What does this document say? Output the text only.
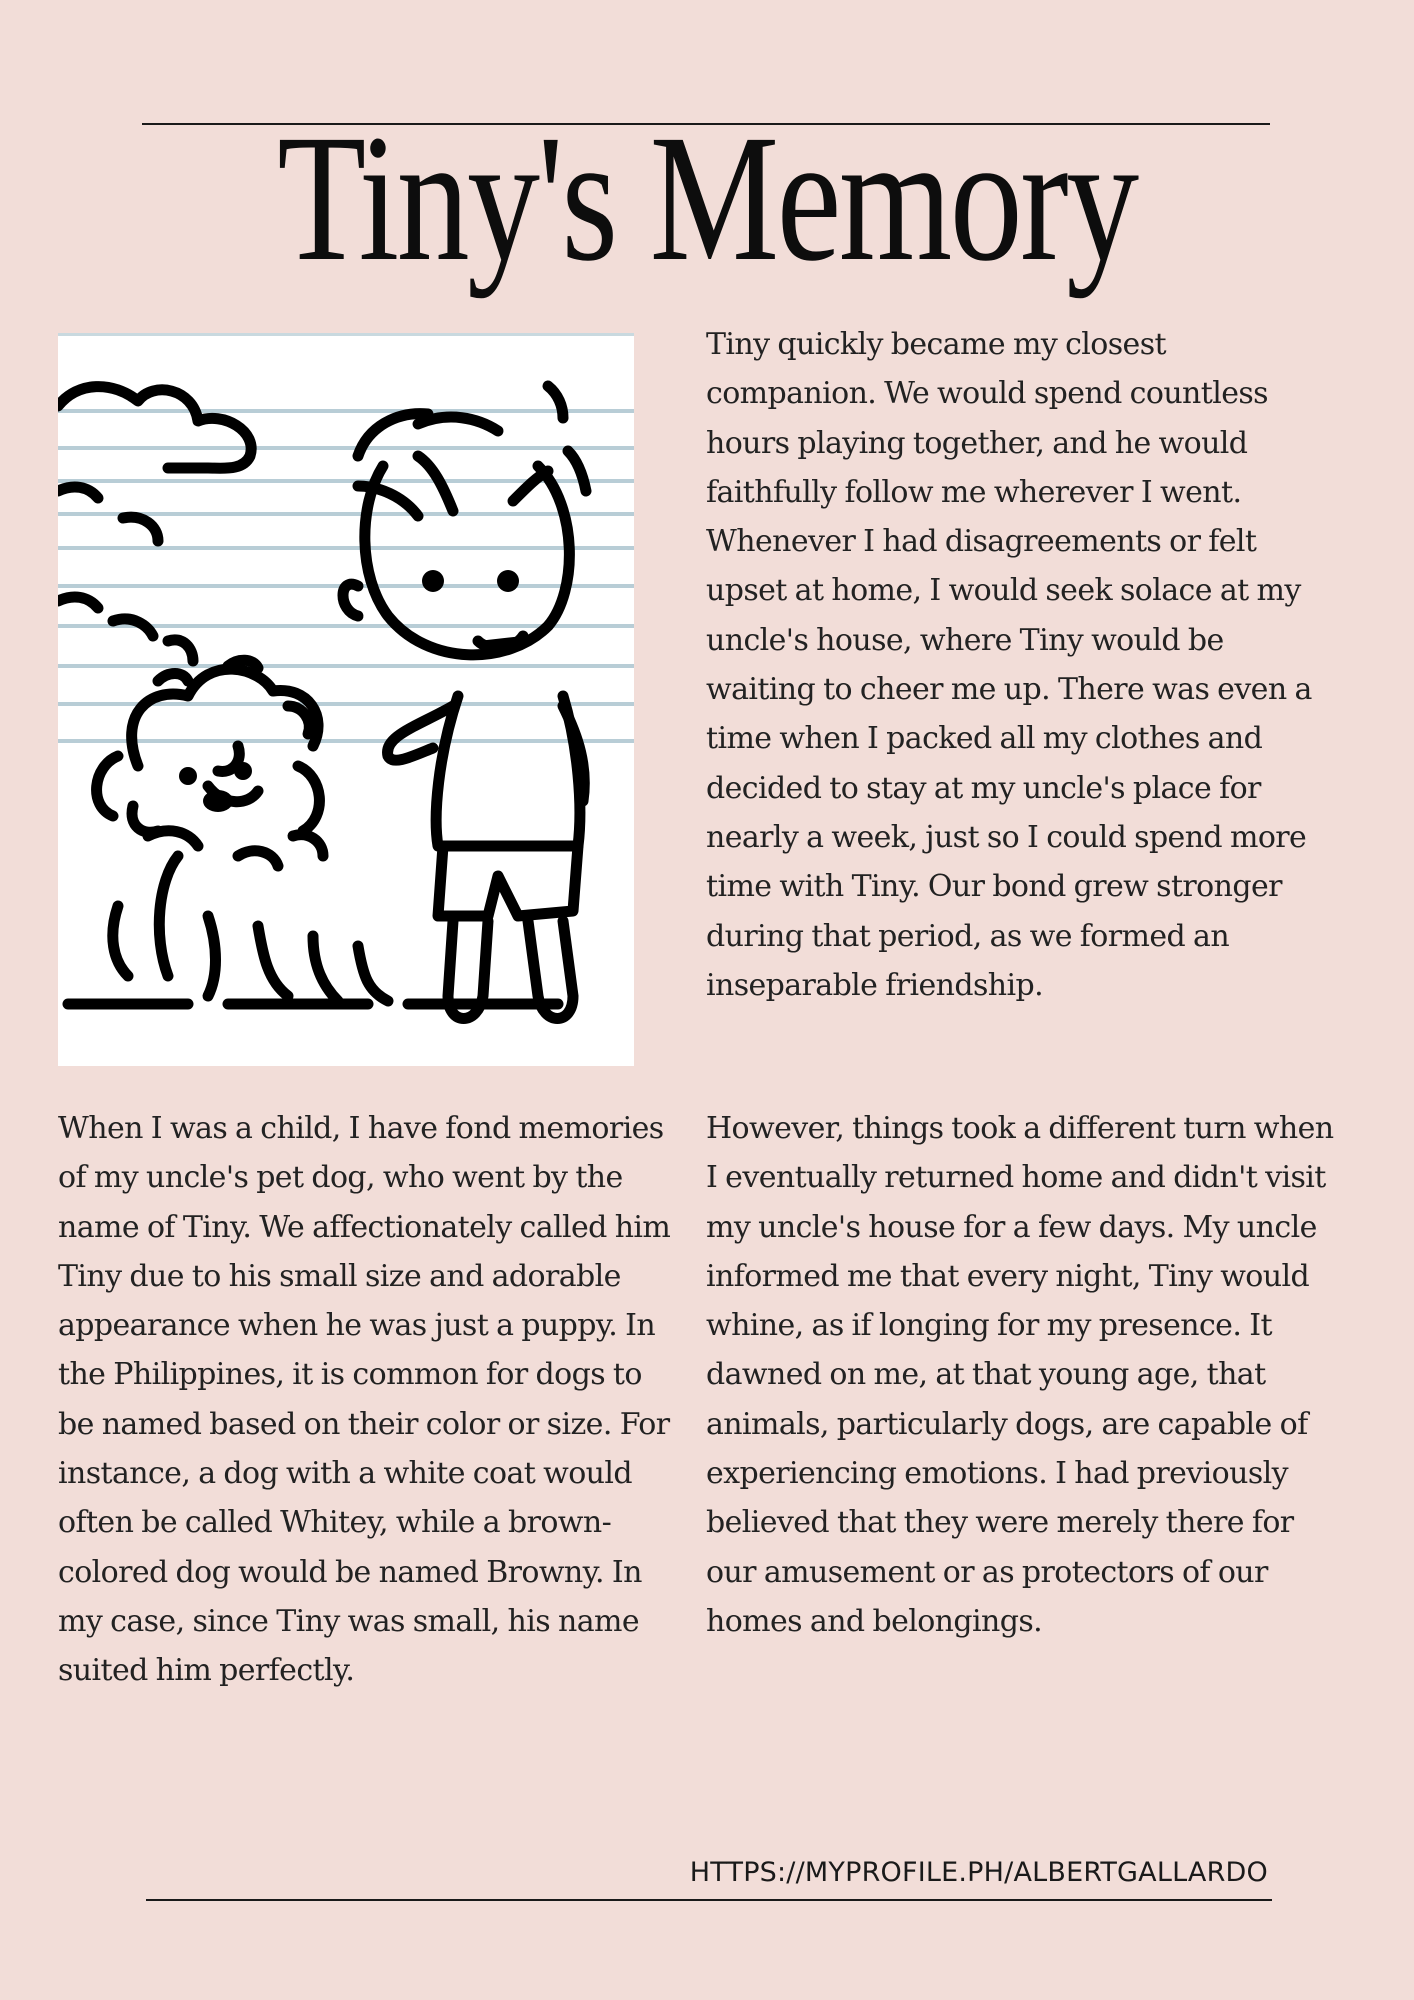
Tiny's Memory

Tiny quickly became my closest companion. We would spend countless hours playing together, and he would faithfully follow me wherever I went. Whenever I had disagreements or felt upset at home, I would seek solace at my uncle's house, where Tiny would be waiting to cheer me up. There was even a time when I packed all my clothes and decided to stay at my uncle's place for nearly a week, just so I could spend more time with Tiny. Our bond grew stronger during that period, as we formed an inseparable friendship.

When I was a child, I have fond memories of my uncle's pet dog, who went by the name of Tiny. We affectionately called him Tiny due to his small size and adorable appearance when he was just a puppy. In the Philippines, it is common for dogs to be named based on their color or size. For instance, a dog with a white coat would often be called Whitey, while a brown-colored dog would be named Browny. In my case, since Tiny was small, his name suited him perfectly.

However, things took a different turn when I eventually returned home and didn't visit my uncle's house for a few days. My uncle informed me that every night, Tiny would whine, as if longing for my presence. It dawned on me, at that young age, that animals, particularly dogs, are capable of experiencing emotions. I had previously believed that they were merely there for our amusement or as protectors of our homes and belongings.

HTTPS://MYPROFILE.PH/ALBERTGALLARDO
